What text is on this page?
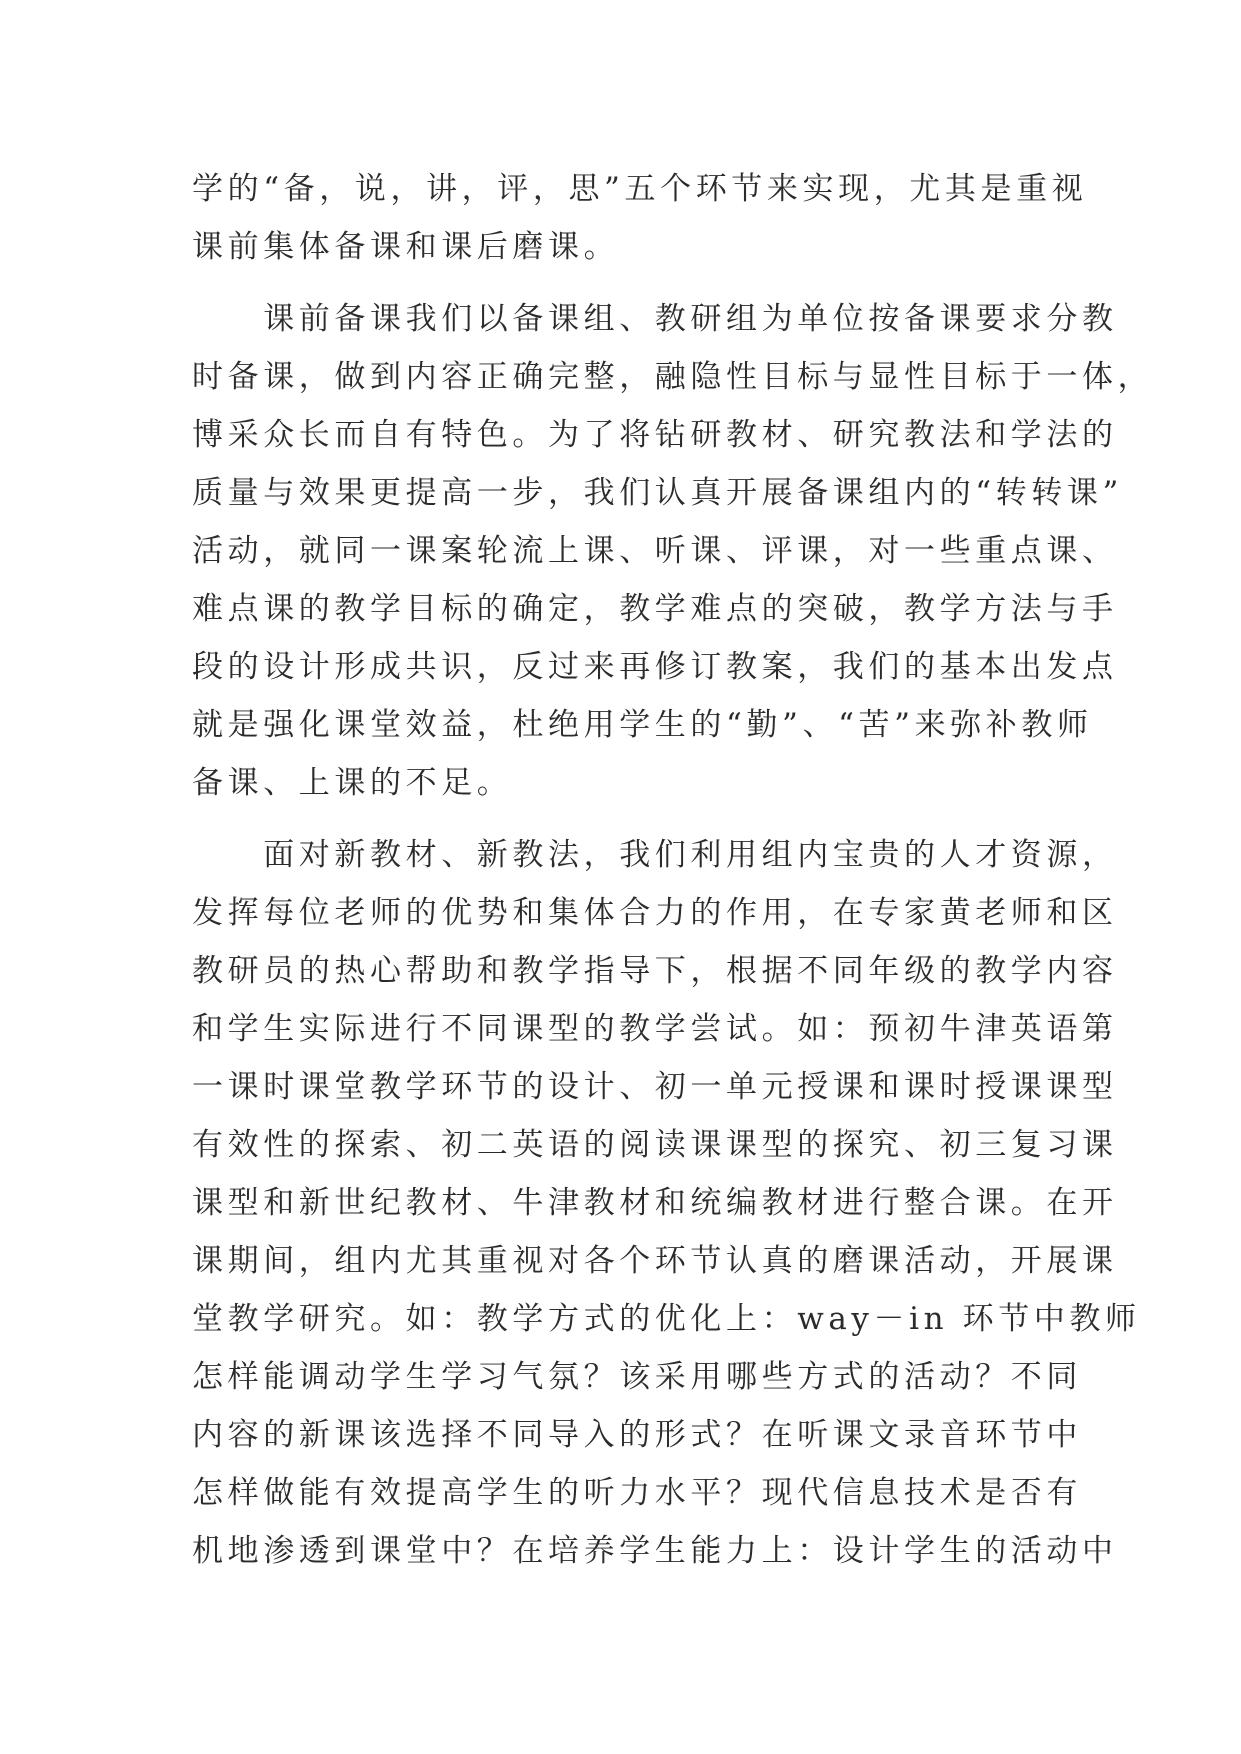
学的“备，说，讲，评，思”五个环节来实现，尤其是重视
课前集体备课和课后磨课。
　　课前备课我们以备课组、教研组为单位按备课要求分教
时备课，做到内容正确完整，融隐性目标与显性目标于一体，
博采众长而自有特色。为了将钻研教材、研究教法和学法的
质量与效果更提高一步，我们认真开展备课组内的“转转课”
活动，就同一课案轮流上课、听课、评课，对一些重点课、
难点课的教学目标的确定，教学难点的突破，教学方法与手
段的设计形成共识，反过来再修订教案，我们的基本出发点
就是强化课堂效益，杜绝用学生的“勤”、“苦”来弥补教师
备课、上课的不足。
　　面对新教材、新教法，我们利用组内宝贵的人才资源，
发挥每位老师的优势和集体合力的作用，在专家黄老师和区
教研员的热心帮助和教学指导下，根据不同年级的教学内容
和学生实际进行不同课型的教学尝试。如：预初牛津英语第
一课时课堂教学环节的设计、初一单元授课和课时授课课型
有效性的探索、初二英语的阅读课课型的探究、初三复习课
课型和新世纪教材、牛津教材和统编教材进行整合课。在开
课期间，组内尤其重视对各个环节认真的磨课活动，开展课
堂教学研究。如：教学方式的优化上：way－in 环节中教师
怎样能调动学生学习气氛？该采用哪些方式的活动？不同
内容的新课该选择不同导入的形式？在听课文录音环节中
怎样做能有效提高学生的听力水平？现代信息技术是否有
机地渗透到课堂中？在培养学生能力上：设计学生的活动中
